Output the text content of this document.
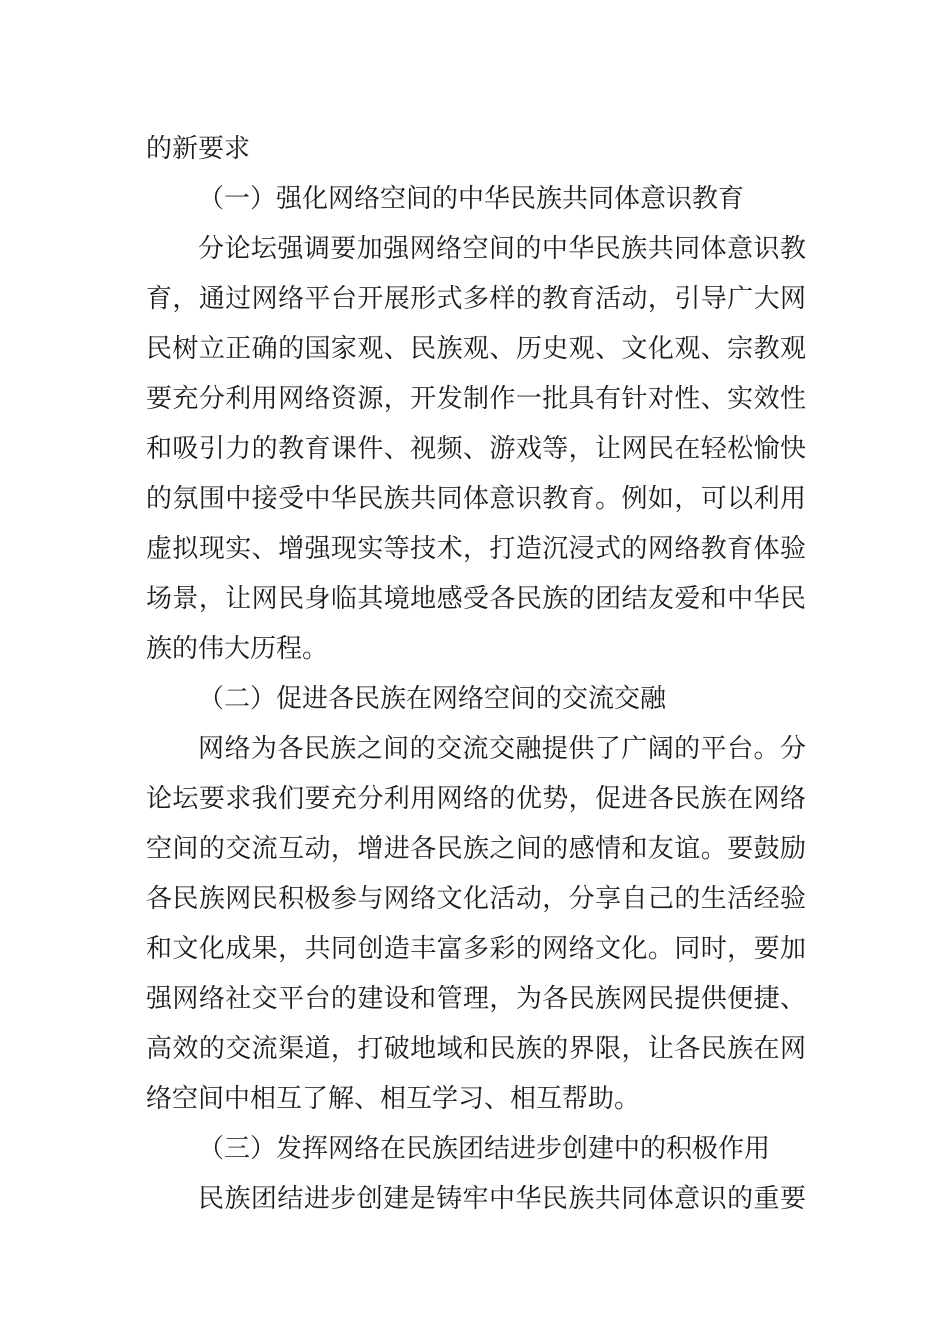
的新要求
（一）强化网络空间的中华民族共同体意识教育
分论坛强调要加强网络空间的中华民族共同体意识教
育，通过网络平台开展形式多样的教育活动，引导广大网
民树立正确的国家观、民族观、历史观、文化观、宗教观
要充分利用网络资源，开发制作一批具有针对性、实效性
和吸引力的教育课件、视频、游戏等，让网民在轻松愉快
的氛围中接受中华民族共同体意识教育。例如，可以利用
虚拟现实、增强现实等技术，打造沉浸式的网络教育体验
场景，让网民身临其境地感受各民族的团结友爱和中华民
族的伟大历程。
（二）促进各民族在网络空间的交流交融
网络为各民族之间的交流交融提供了广阔的平台。分
论坛要求我们要充分利用网络的优势，促进各民族在网络
空间的交流互动，增进各民族之间的感情和友谊。要鼓励
各民族网民积极参与网络文化活动，分享自己的生活经验
和文化成果，共同创造丰富多彩的网络文化。同时，要加
强网络社交平台的建设和管理，为各民族网民提供便捷、
高效的交流渠道，打破地域和民族的界限，让各民族在网
络空间中相互了解、相互学习、相互帮助。
（三）发挥网络在民族团结进步创建中的积极作用
民族团结进步创建是铸牢中华民族共同体意识的重要
